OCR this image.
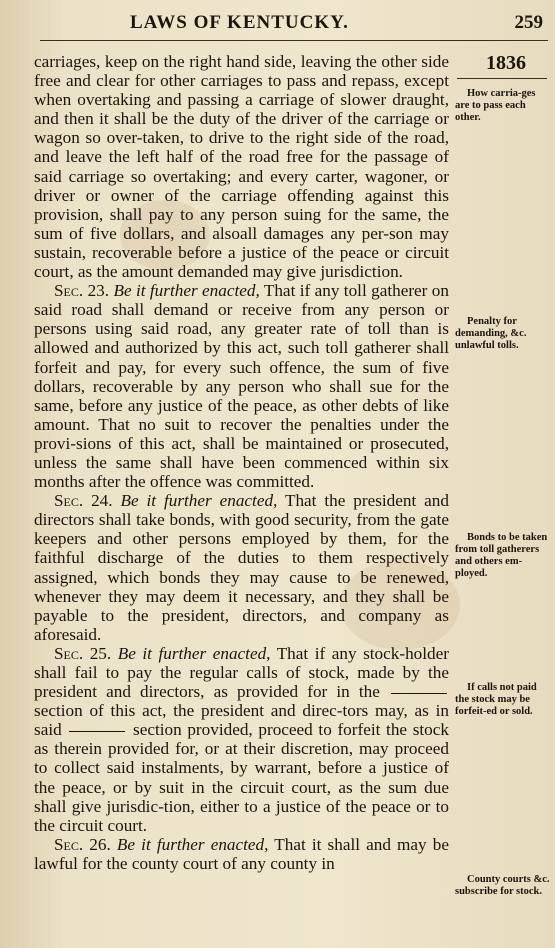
LAWS OF KENTUCKY.	259

carriages, keep on the right hand side, leaving the other side free and clear for other carriages to pass and repass, except when overtaking and passing a carriage of slower draught, and then it shall be the duty of the driver of the carriage or wagon so over-taken, to drive to the right side of the road, and leave the left half of the road free for the passage of said carriage so overtaking; and every carter, wagoner, or driver or owner of the carriage offending against this provision, shall pay to any person suing for the same, the sum of five dollars, and alsoall damages any per-son may sustain, recoverable before a justice of the peace or circuit court, as the amount demanded may give jurisdiction.

Sec. 23. Be it further enacted, That if any toll gatherer on said road shall demand or receive from any person or persons using said road, any greater rate of toll than is allowed and authorized by this act, such toll gatherer shall forfeit and pay, for every such offence, the sum of five dollars, recoverable by any person who shall sue for the same, before any justice of the peace, as other debts of like amount. That no suit to recover the penalties under the provi-sions of this act, shall be maintained or prosecuted, unless the same shall have been commenced within six months after the offence was committed.

Sec. 24. Be it further enacted, That the president and directors shall take bonds, with good security, from the gate keepers and other persons employed by them, for the faithful discharge of the duties to them respectively assigned, which bonds they may cause to be renewed, whenever they may deem it necessary, and they shall be payable to the president, directors, and company as aforesaid.

Sec. 25. Be it further enacted, That if any stock-holder shall fail to pay the regular calls of stock, made by the president and directors, as provided for in the  section of this act, the president and direc-tors may, as in said	section provided, proceed to forfeit the stock as therein provided for, or at their discretion, may proceed to collect said instalments, by warrant, before a justice of the peace, or by suit in the circuit court, as the sum due shall give jurisdic-tion, either to a justice of the peace or to the circuit court.

Sec. 26. Be it further enacted, That it shall and may be lawful for the county court of any county in

1836
How carria-ges are to pass each other.
Penalty for demanding, &c. unlawful tolls.
Bonds to be taken from toll gatherers and others em-ployed.
If calls not paid the stock may be forfeit-ed or sold.
County courts &c. subscribe for stock.
